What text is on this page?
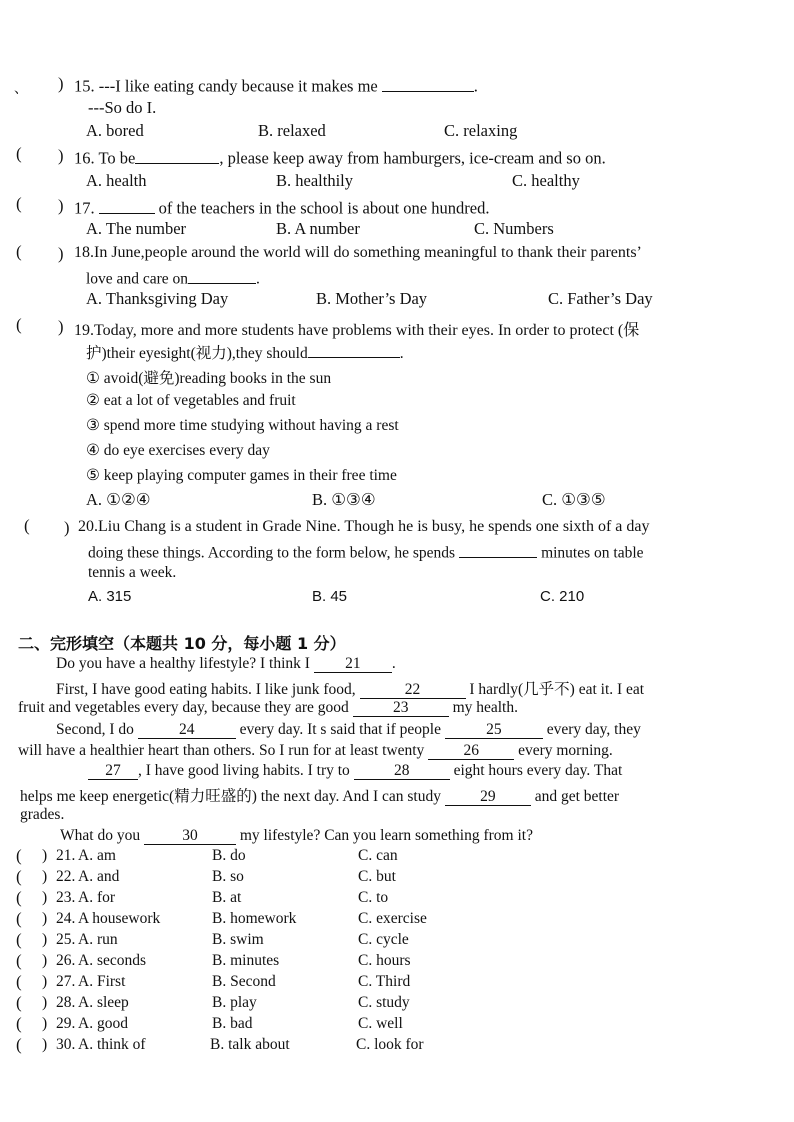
、 ) 15. ---I like eating candy because it makes me	.
---So do I.
A. bored	B. relaxed	C. relaxing
( ) 16. To be	, please keep away from hamburgers, ice-cream and so on.
A. health	B. healthily	C. healthy
( ) 17.	of the teachers in the school is about one hundred.
A. The number	B. A number	C. Numbers
( ) 18.In June,people around the world will do something meaningful to thank their parents’
love and care on	.
A. Thanksgiving Day	B. Mother’s Day	C. Father’s Day
( ) 19.Today, more and more students have problems with their eyes. In order to protect (保
护)their eyesight(视力),they should	.
① avoid(避免)reading books in the sun
② eat a lot of vegetables and fruit
③ spend more time studying without having a rest
④ do eye exercises every day
⑤ keep playing computer games in their free time
A. ①②④	B. ①③④	C. ①③⑤
( ) 20.Liu Chang is a student in Grade Nine. Though he is busy, he spends one sixth of a day
doing these things. According to the form below, he spends	minutes on table
tennis a week.
A. 315	B. 45	C. 210
二、完形填空（本题共 10 分，每小题 1 分）
Do you have a healthy lifestyle? I think I 21 .
First, I have good eating habits. I like junk food,	22	I hardly(几乎不) eat it. I eat
fruit and vegetables every day, because they are good	23	my health.
Second, I do	24	every day. It s said that if people	25	every day, they
will have a healthier heart than others. So I run for at least twenty	26	every morning.
27 , I have good living habits. I try to	28	eight hours every day. That
helps me keep energetic(精力旺盛的) the next day. And I can study	29	and get better
grades.
What do you	30	my lifestyle? Can you learn something from it?
( ) 21. A. am	B. do	C. can
( ) 22. A. and	B. so	C. but
( ) 23. A. for	B. at	C. to
( ) 24. A housework	B. homework	C. exercise
( ) 25. A. run	B. swim	C. cycle
( ) 26. A. seconds	B. minutes	C. hours
( ) 27. A. First	B. Second	C. Third
( ) 28. A. sleep	B. play	C. study
( ) 29. A. good	B. bad	C. well
( ) 30. A. think of	B. talk about	C. look for
